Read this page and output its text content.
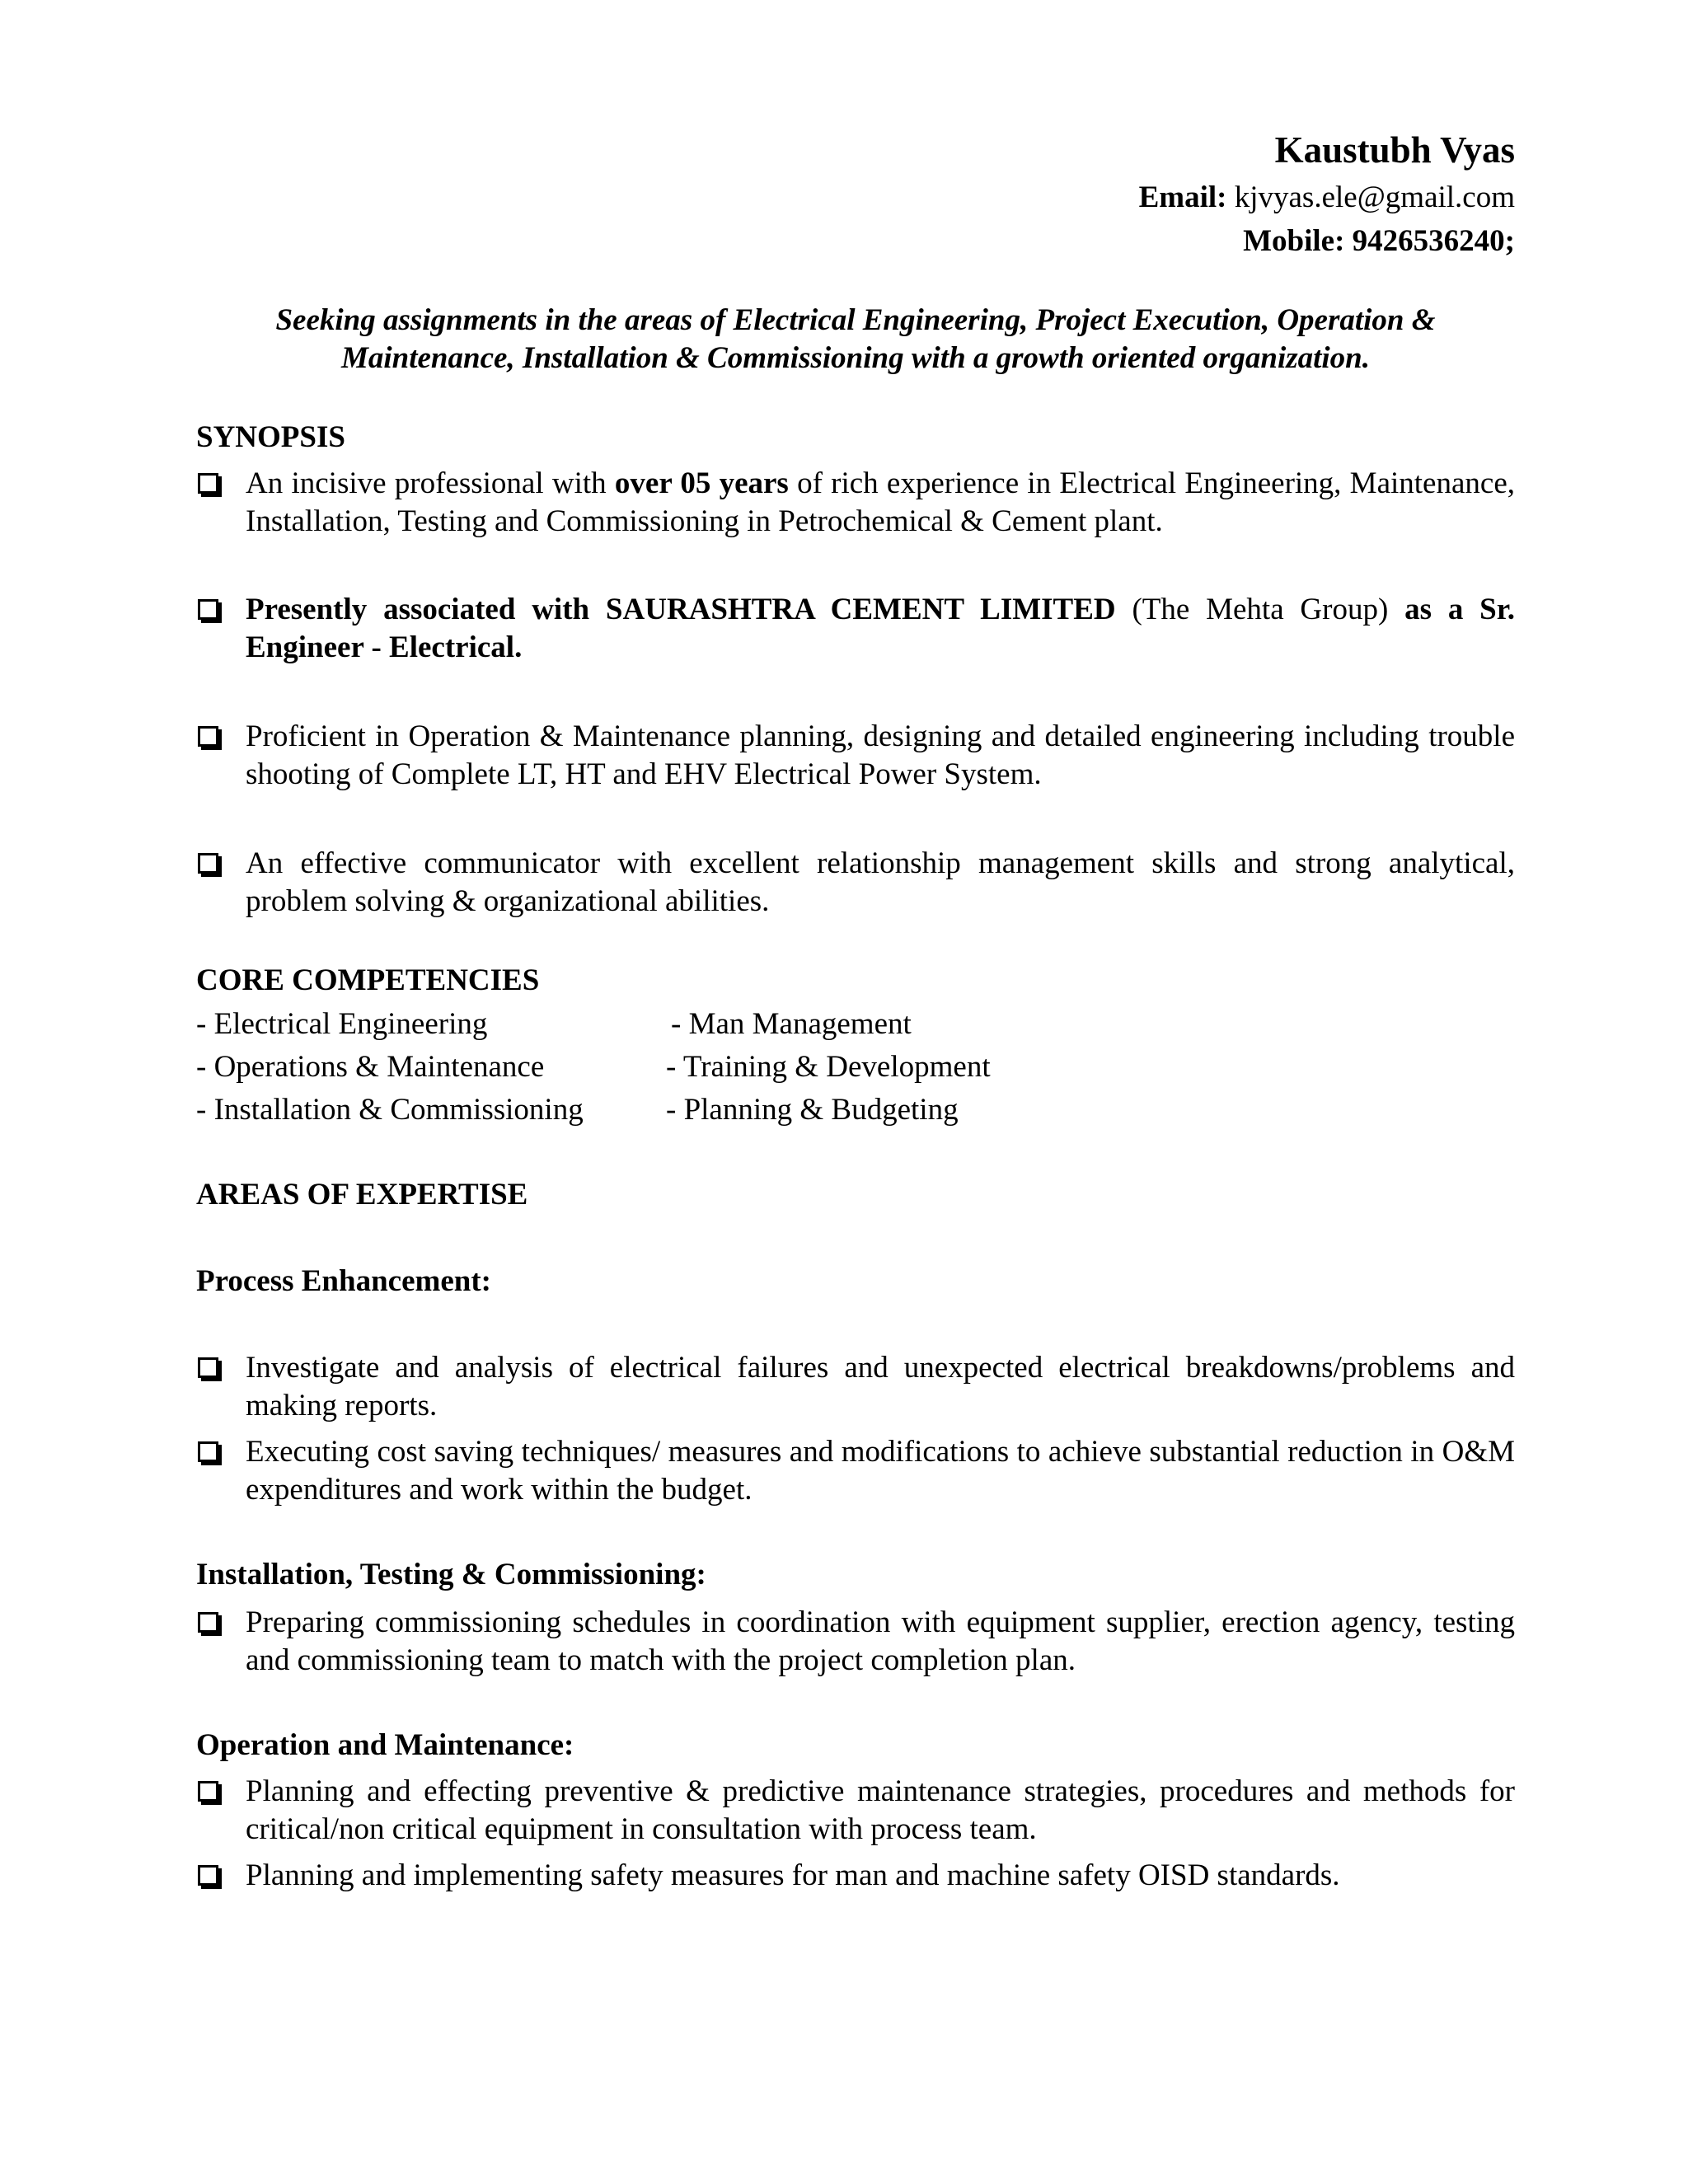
Kaustubh Vyas
Email: kjvyas.ele@gmail.com
Mobile: 9426536240;
Seeking assignments in the areas of Electrical Engineering, Project Execution, Operation & Maintenance, Installation & Commissioning with a growth oriented organization.
SYNOPSIS
An incisive professional with over 05 years of rich experience in Electrical Engineering, Maintenance, Installation, Testing and Commissioning in Petrochemical & Cement plant.
Presently associated with SAURASHTRA CEMENT LIMITED (The Mehta Group) as a Sr. Engineer - Electrical.
Proficient in Operation & Maintenance planning, designing and detailed engineering including trouble shooting of Complete LT, HT and EHV Electrical Power System.
An effective communicator with excellent relationship management skills and strong analytical, problem solving & organizational abilities.
CORE COMPETENCIES
- Electrical Engineering	- Man Management
- Operations & Maintenance	- Training & Development
- Installation & Commissioning	- Planning & Budgeting
AREAS OF EXPERTISE
Process Enhancement:
Investigate and analysis of electrical failures and unexpected electrical breakdowns/problems and making reports.
Executing cost saving techniques/ measures and modifications to achieve substantial reduction in O&M expenditures and work within the budget.
Installation, Testing & Commissioning:
Preparing commissioning schedules in coordination with equipment supplier, erection agency, testing and commissioning team to match with the project completion plan.
Operation and Maintenance:
Planning and effecting preventive & predictive maintenance strategies, procedures and methods for critical/non critical equipment in consultation with process team.
Planning and implementing safety measures for man and machine safety OISD standards.
